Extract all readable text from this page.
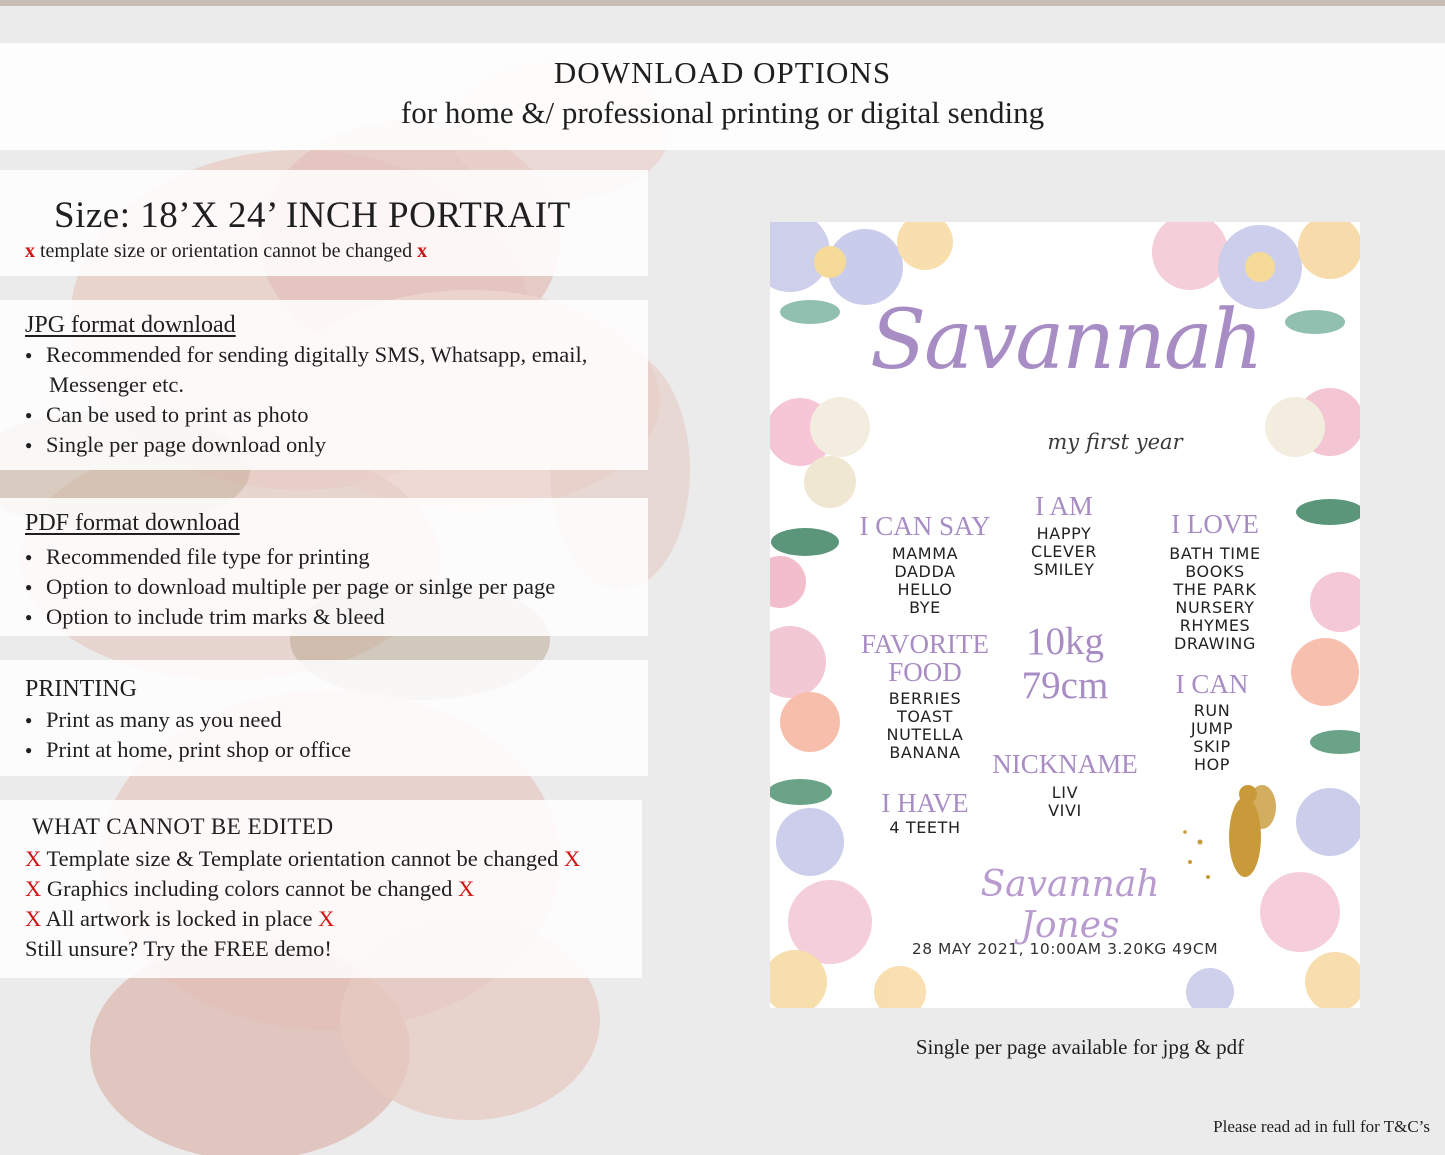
DOWNLOAD OPTIONS
for home &/ professional printing or digital sending
Size: 18’X 24’ INCH PORTRAIT
x template size or orientation cannot be changed x
JPG format download
● Recommended for sending digitally SMS, Whatsapp, email,
Messenger etc.
● Can be used to print as photo
● Single per page download only
PDF format download
● Recommended file type for printing
● Option to download multiple per page or sinlge per page
● Option to include trim marks & bleed
PRINTING
● Print as many as you need
● Print at home, print shop or office
WHAT CANNOT BE EDITED
X Template size & Template orientation cannot be changed X
X Graphics including colors cannot be changed X
X All artwork is locked in place X
Still unsure? Try the FREE demo!
Savannah
my first year
I CAN SAY
MAMMA
DADDA
HELLO
BYE
I AM
HAPPY
CLEVER
SMILEY
I LOVE
BATH TIME
BOOKS
THE PARK
NURSERY
RHYMES
DRAWING
FAVORITE
FOOD
BERRIES
TOAST
NUTELLA
BANANA
10kg
79cm	I CAN
RUN
JUMP
SKIP
HOP
NICKNAME
LIV
VIVI
I HAVE
4 TEETH
Savannah Jones
28 MAY 2021, 10:00AM 3.20KG 49CM
Single per page available for jpg & pdf
Please read ad in full for T&C’s
